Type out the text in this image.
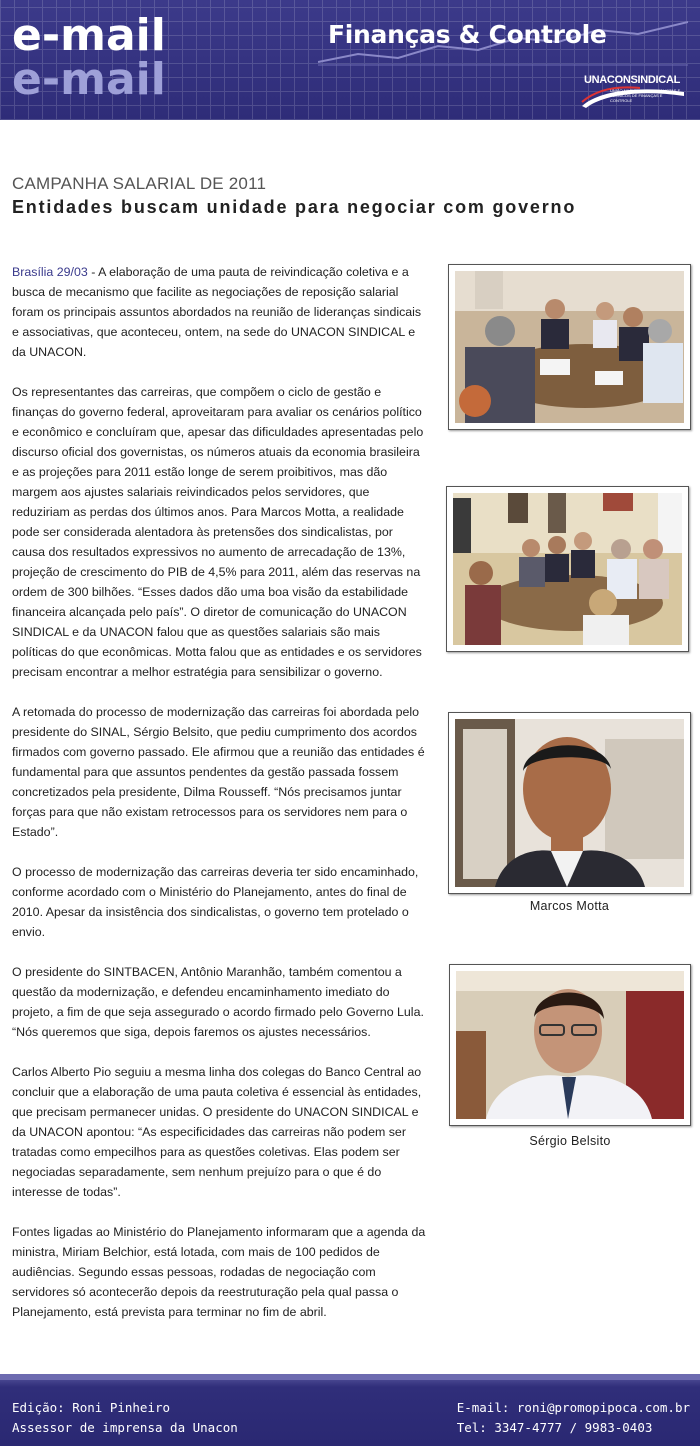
e-mail
e-mail
Finanças & Controle
UNACONSINDICAL
UNIÃO NACIONAL DOS ANALISTAS E TÉCNICOS DE FINANÇAS E CONTROLE
CAMPANHA SALARIAL DE 2011
Entidades buscam unidade para negociar com governo

Brasília 29/03 - A elaboração de uma pauta de reivindicação coletiva e a busca de mecanismo que facilite as negociações de reposição salarial foram os principais assuntos abordados na reunião de lideranças sindicais e associativas, que aconteceu, ontem, na sede do UNACON SINDICAL e da UNACON.

Os representantes das carreiras, que compõem o ciclo de gestão e finanças do governo federal, aproveitaram para avaliar os cenários político e econômico e concluíram que, apesar das dificuldades apresentadas pelo discurso oficial dos governistas, os números atuais da economia brasileira e as projeções para 2011 estão longe de serem proibitivos, mas dão margem aos ajustes salariais reivindicados pelos servidores, que reduziriam as perdas dos últimos anos. Para Marcos Motta, a realidade pode ser considerada alentadora às pretensões dos sindicalistas, por causa dos resultados expressivos no aumento de arrecadação de 13%, projeção de crescimento do PIB de 4,5% para 2011, além das reservas na ordem de 300 bilhões. “Esses dados dão uma boa visão da estabilidade financeira alcançada pelo país”. O diretor de comunicação do UNACON SINDICAL e da UNACON falou que as questões salariais são mais políticas do que econômicas. Motta falou que as entidades e os servidores precisam encontrar a melhor estratégia para sensibilizar o governo.

A retomada do processo de modernização das carreiras foi abordada pelo presidente do SINAL, Sérgio Belsito, que pediu cumprimento dos acordos firmados com governo passado. Ele afirmou que a reunião das entidades é fundamental para que assuntos pendentes da gestão passada fossem concretizados pela presidente, Dilma Rousseff. “Nós precisamos juntar forças para que não existam retrocessos para os servidores nem para o Estado”.

O processo de modernização das carreiras deveria ter sido encaminhado, conforme acordado com o Ministério do Planejamento, antes do final de 2010. Apesar da insistência dos sindicalistas, o governo tem protelado o envio.

O presidente do SINTBACEN, Antônio Maranhão, também comentou a questão da modernização, e defendeu encaminhamento imediato do projeto, a fim de que seja assegurado o acordo firmado pelo Governo Lula. “Nós queremos que siga, depois faremos os ajustes necessários.

Carlos Alberto Pio seguiu a mesma linha dos colegas do Banco Central ao concluir que a elaboração de uma pauta coletiva é essencial às entidades, que precisam permanecer unidas. O presidente do UNACON SINDICAL e da UNACON apontou: “As especificidades das carreiras não podem ser tratadas como empecilhos para as questões coletivas. Elas podem ser negociadas separadamente, sem nenhum prejuízo para o que é do interesse de todas”.

Fontes ligadas ao Ministério do Planejamento informaram que a agenda da ministra, Miriam Belchior, está lotada, com mais de 100 pedidos de audiências. Segundo essas pessoas, rodadas de negociação com servidores só acontecerão depois da reestruturação pela qual passa o Planejamento, está prevista para terminar no fim de abril.

Marcos Motta
Sérgio Belsito
Edição: Roni Pinheiro
Assessor de imprensa da Unacon
E-mail: roni@promopipoca.com.br
Tel: 3347-4777 / 9983-0403
